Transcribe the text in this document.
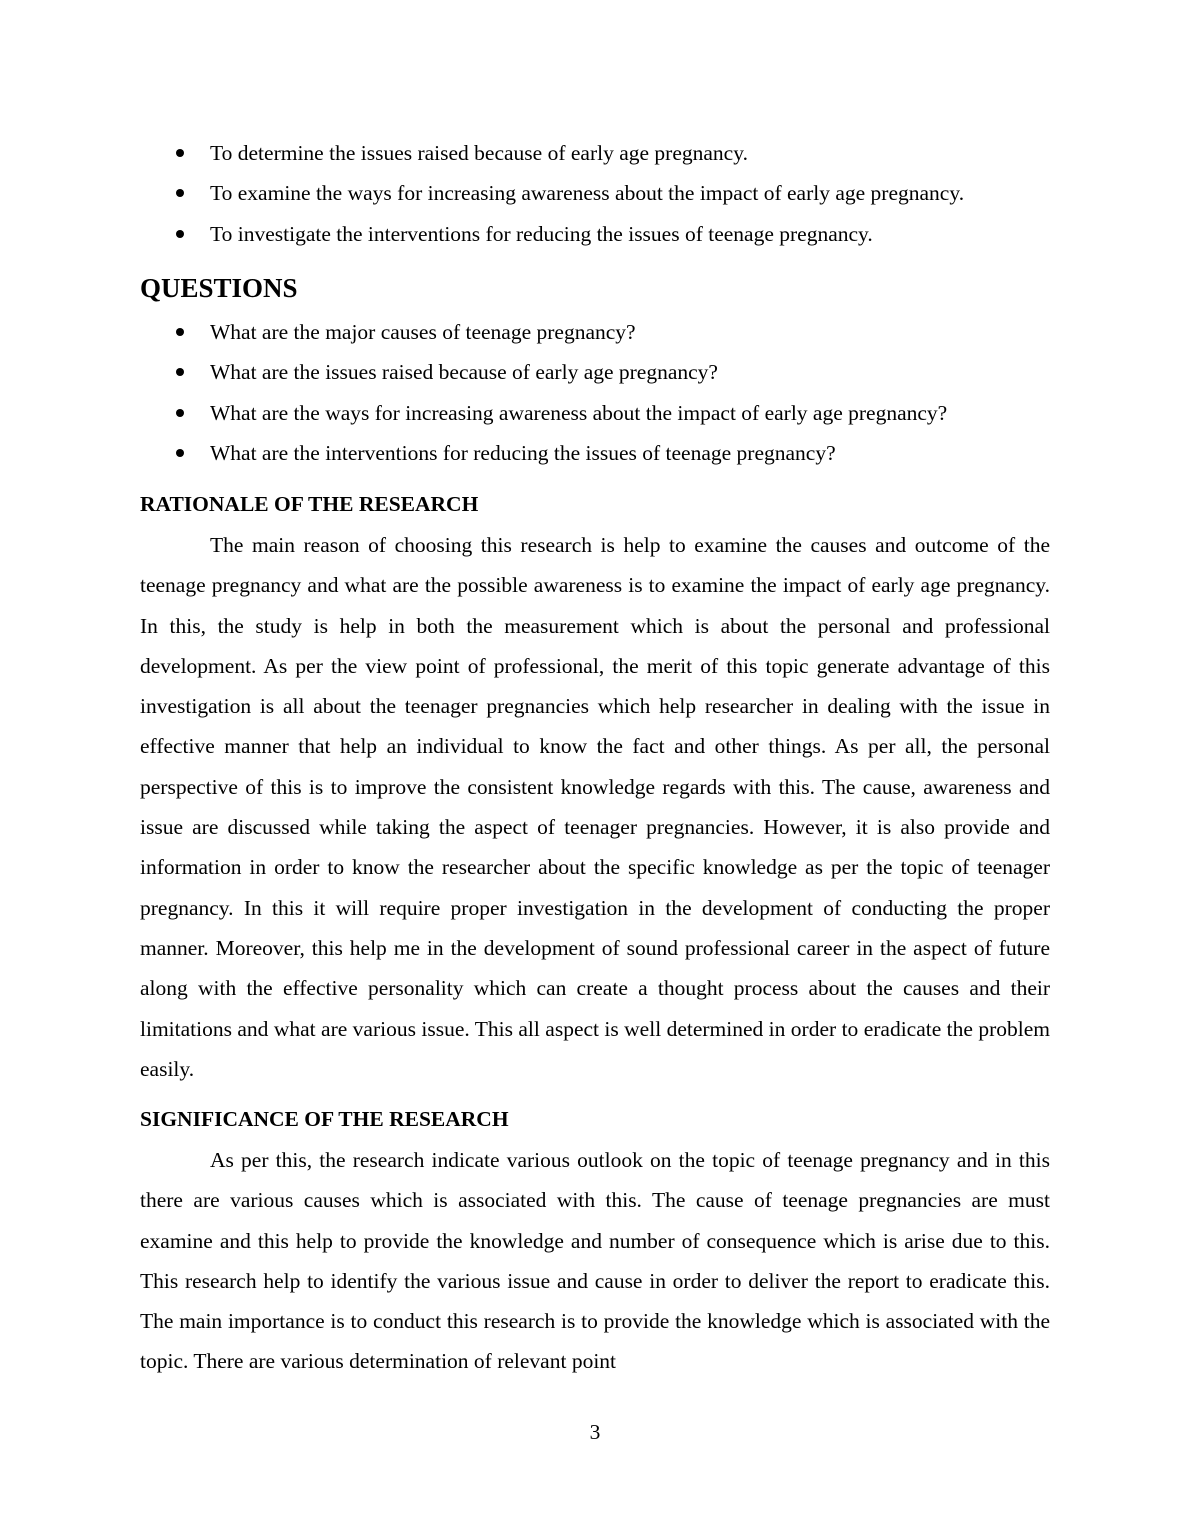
To determine the issues raised because of early age pregnancy.
To examine the ways for increasing awareness about the impact of early age pregnancy.
To investigate the interventions for reducing the issues of teenage pregnancy.
QUESTIONS
What are the major causes of teenage pregnancy?
What are the issues raised because of early age pregnancy?
What are the ways for increasing awareness about the impact of early age pregnancy?
What are the interventions for reducing the issues of teenage pregnancy?
RATIONALE OF THE RESEARCH

The main reason of choosing this research is help to examine the causes and outcome of the teenage pregnancy and what are the possible awareness is to examine the impact of early age pregnancy. In this, the study is help in both the measurement which is about the personal and professional development. As per the view point of professional, the merit of this topic generate advantage of this investigation is all about the teenager pregnancies which help researcher in dealing with the issue in effective manner that help an individual to know the fact and other things. As per all, the personal perspective of this is to improve the consistent knowledge regards with this. The cause, awareness and issue are discussed while taking the aspect of teenager pregnancies. However, it is also provide and information in order to know the researcher about the specific knowledge as per the topic of teenager pregnancy. In this it will require proper investigation in the development of conducting the proper manner. Moreover, this help me in the development of sound professional career in the aspect of future along with the effective personality which can create a thought process about the causes and their limitations and what are various issue. This all aspect is well determined in order to eradicate the problem easily.

SIGNIFICANCE OF THE RESEARCH

As per this, the research indicate various outlook on the topic of teenage pregnancy and in this there are various causes which is associated with this. The cause of teenage pregnancies are must examine and this help to provide the knowledge and number of consequence which is arise due to this. This research help to identify the various issue and cause in order to deliver the report to eradicate this. The main importance is to conduct this research is to provide the knowledge which is associated with the topic. There are various determination of relevant point

3
